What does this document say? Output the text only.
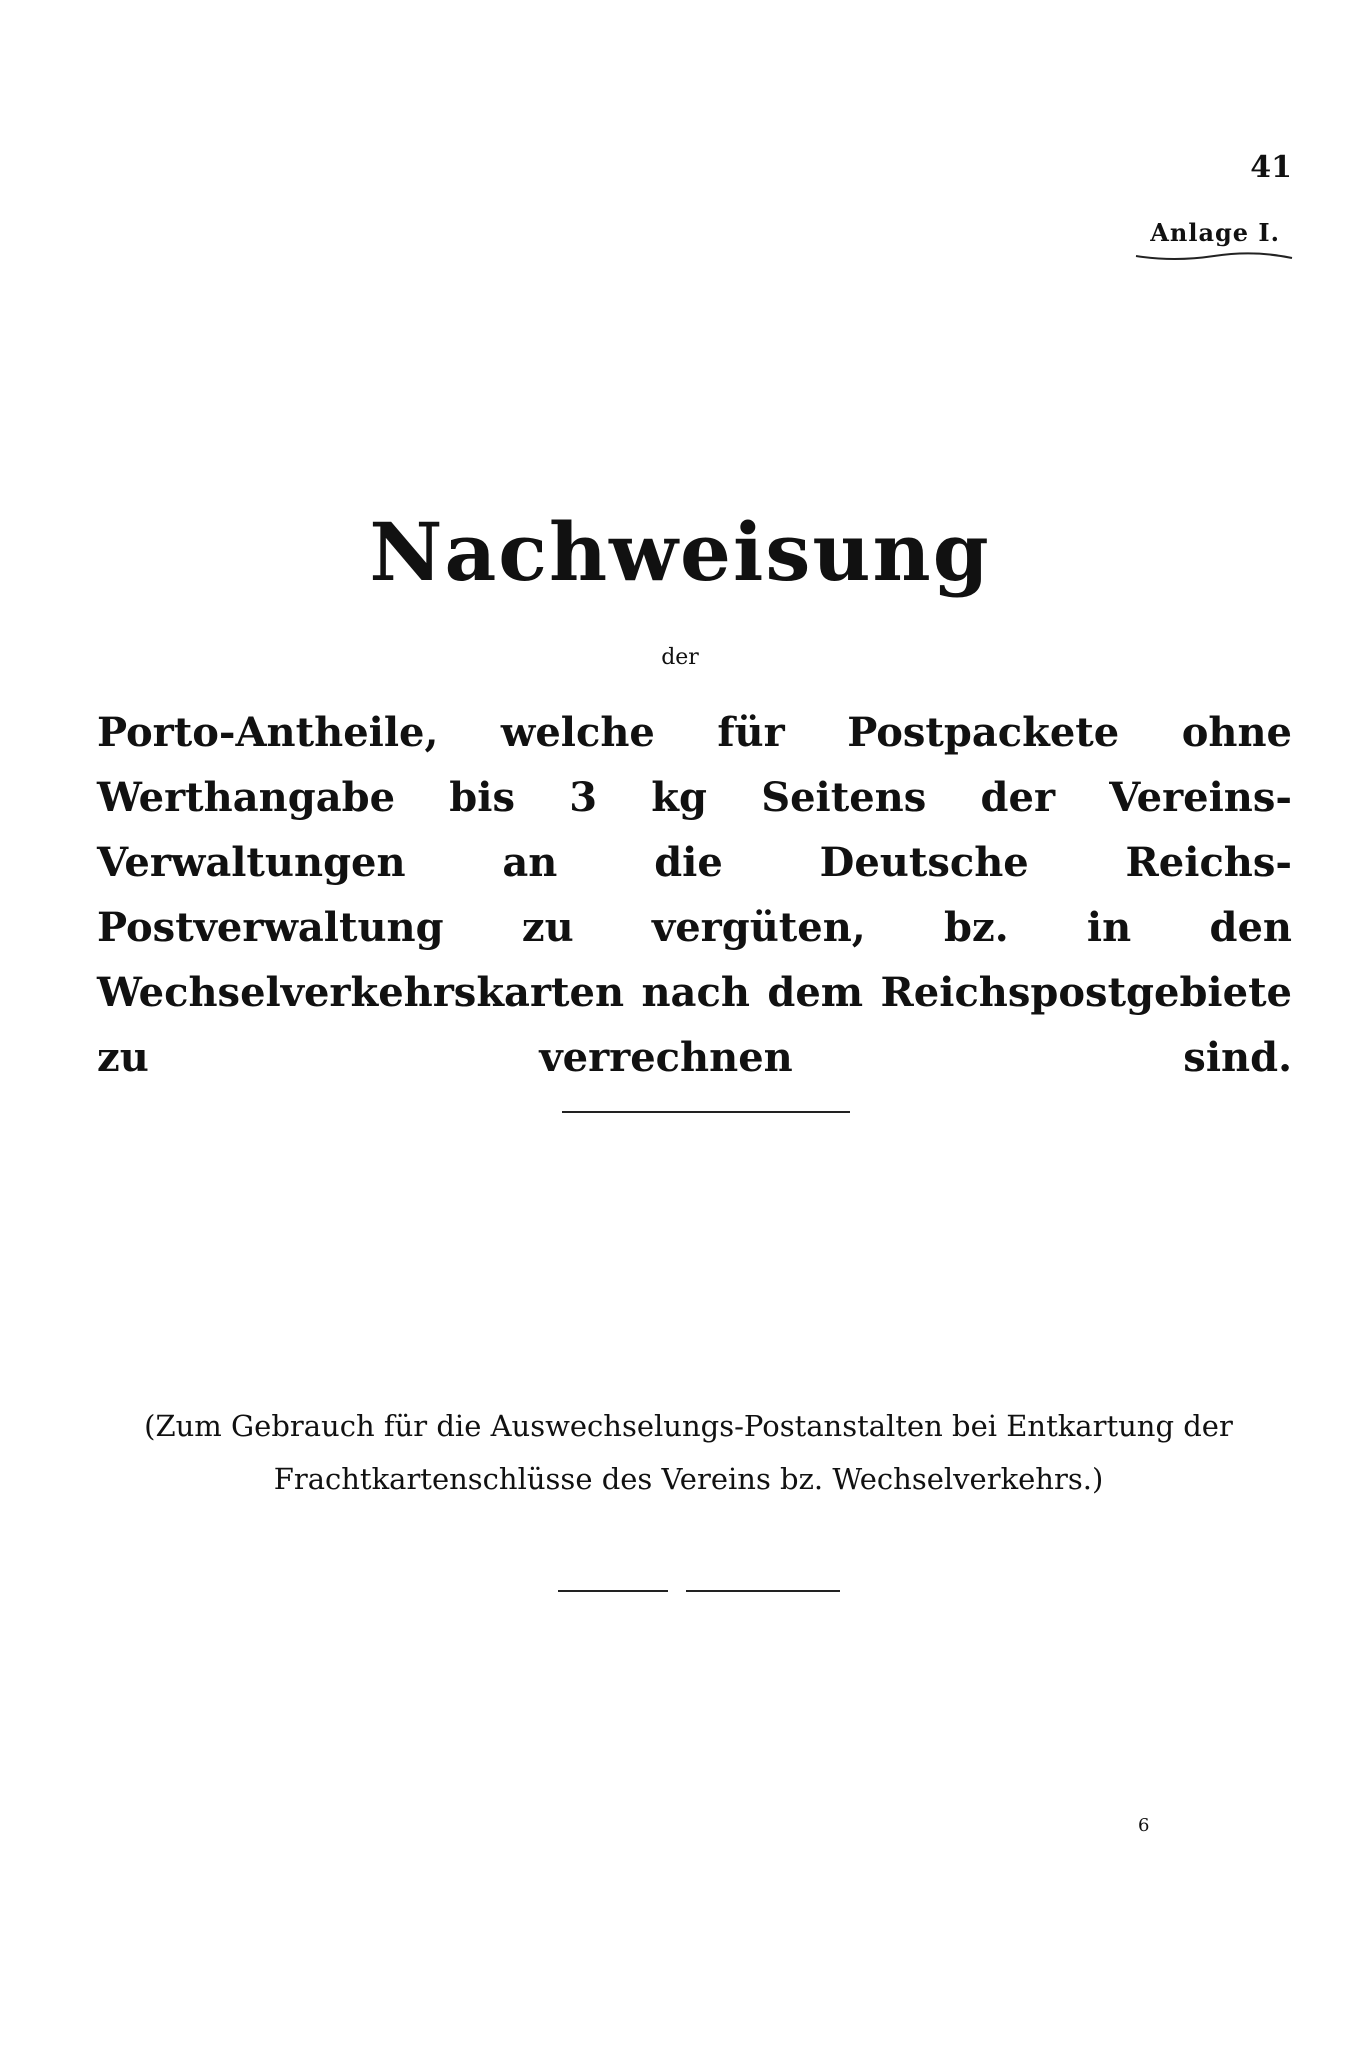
41
Anlage I.
Nachweisung
der

Porto-Antheile, welche für Postpackete ohne Werthangabe bis 3 kg Seitens der Vereins-Verwaltungen an die Deutsche Reichs-Postverwaltung zu vergüten, bz. in den Wechselverkehrskarten nach dem Reichspostgebiete zu verrechnen sind.

(Zum Gebrauch für die Auswechselungs-Postanstalten bei Entkartung der Frachtkartenschlüsse des Vereins bz. Wechselverkehrs.)

6
